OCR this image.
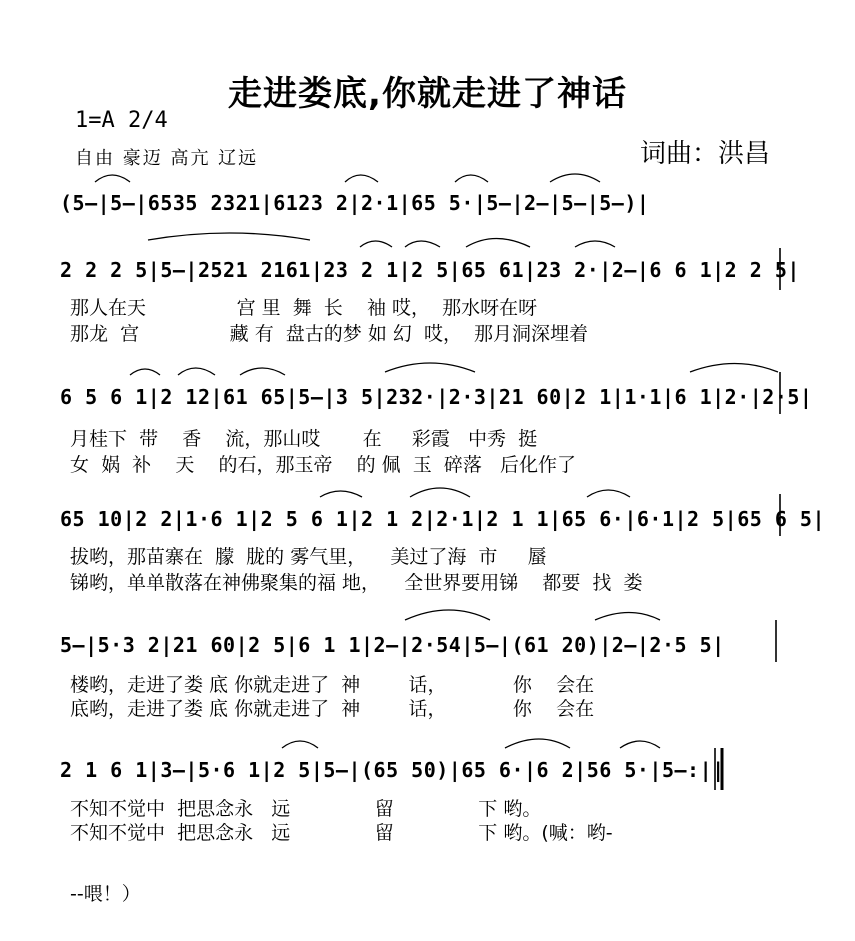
走进娄底,你就走进了神话
1=A 2/4
自由 豪迈 高亢 辽远	词曲：洪昌
(5—|5—|6535 2321|6123 2|2·1|65 5·|5—|2—|5—|5—)|
2 2 2 5|5—|2521 2161|23 2 1|2 5|65 61|23 2·|2—|6 6 1|2 2 5|
那人在天               宫 里  舞  长    袖 哎，  那水呀在呀
那龙  宫               藏 有  盘古的梦 如 幻  哎，  那月洞深埋着
6 5 6 1|2 12|61 65|5—|3 5|232·|2·3|21 60|2 1|1·1|6 1|2·|2·5|
月桂下  带    香    流，那山哎       在     彩霞   中秀  挺
女  娲  补    天    的石，那玉帝    的 佩  玉  碎落   后化作了
65 10|2 2|1·6 1|2 5 6 1|2 1 2|2·1|2 1 1|65 6·|6·1|2 5|65 6 5|
拔哟，那苗寨在  朦  胧的 雾气里，    美过了海  市     蜃
锑哟，单单散落在神佛聚集的福 地，    全世界要用锑    都要  找  娄
5—|5·3 2|21 60|2 5|6 1 1|2—|2·54|5—|(61 20)|2—|2·5 5|
楼哟，走进了娄 底 你就走进了  神        话，           你    会在
底哟，走进了娄 底 你就走进了  神        话，           你    会在
2 1 6 1|3—|5·6 1|2 5|5—|(65 50)|65 6·|6 2|56 5·|5—:||
不知不觉中  把思念永   远              留              下 哟。
不知不觉中  把思念永   远              留              下 哟。(喊：哟-
--喂！）
